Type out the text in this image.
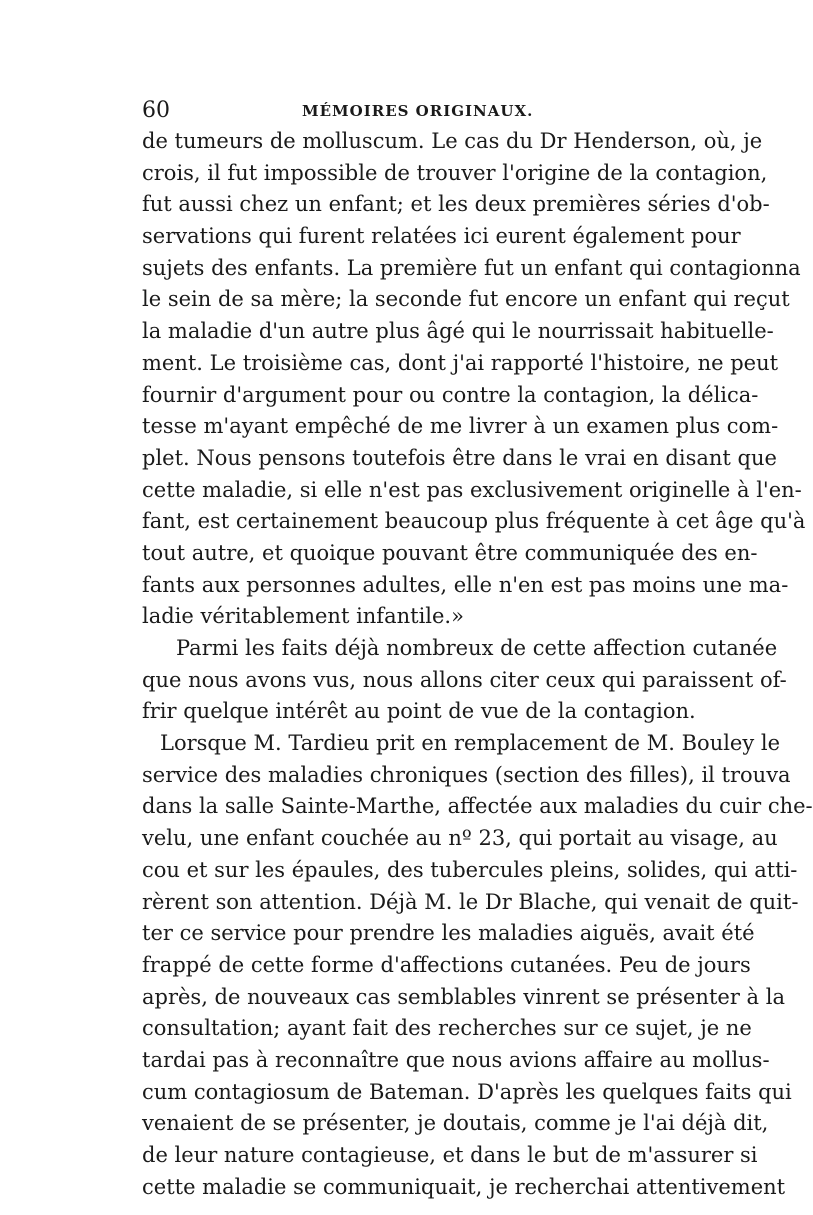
60	MÉMOIRES ORIGINAUX.
de tumeurs de molluscum. Le cas du Dr Henderson, où, je
crois, il fut impossible de trouver l'origine de la contagion,
fut aussi chez un enfant; et les deux premières séries d'ob-
servations qui furent relatées ici eurent également pour
sujets des enfants. La première fut un enfant qui contagionna
le sein de sa mère; la seconde fut encore un enfant qui reçut
la maladie d'un autre plus âgé qui le nourrissait habituelle-
ment. Le troisième cas, dont j'ai rapporté l'histoire, ne peut
fournir d'argument pour ou contre la contagion, la délica-
tesse m'ayant empêché de me livrer à un examen plus com-
plet. Nous pensons toutefois être dans le vrai en disant que
cette maladie, si elle n'est pas exclusivement originelle à l'en-
fant, est certainement beaucoup plus fréquente à cet âge qu'à
tout autre, et quoique pouvant être communiquée des en-
fants aux personnes adultes, elle n'en est pas moins une ma-
ladie véritablement infantile.»
Parmi les faits déjà nombreux de cette affection cutanée
que nous avons vus, nous allons citer ceux qui paraissent of-
frir quelque intérêt au point de vue de la contagion.
Lorsque M. Tardieu prit en remplacement de M. Bouley le
service des maladies chroniques (section des filles), il trouva
dans la salle Sainte-Marthe, affectée aux maladies du cuir che-
velu, une enfant couchée au nº 23, qui portait au visage, au
cou et sur les épaules, des tubercules pleins, solides, qui atti-
rèrent son attention. Déjà M. le Dr Blache, qui venait de quit-
ter ce service pour prendre les maladies aiguës, avait été
frappé de cette forme d'affections cutanées. Peu de jours
après, de nouveaux cas semblables vinrent se présenter à la
consultation; ayant fait des recherches sur ce sujet, je ne
tardai pas à reconnaître que nous avions affaire au mollus-
cum contagiosum de Bateman. D'après les quelques faits qui
venaient de se présenter, je doutais, comme je l'ai déjà dit,
de leur nature contagieuse, et dans le but de m'assurer si
cette maladie se communiquait, je recherchai attentivement
